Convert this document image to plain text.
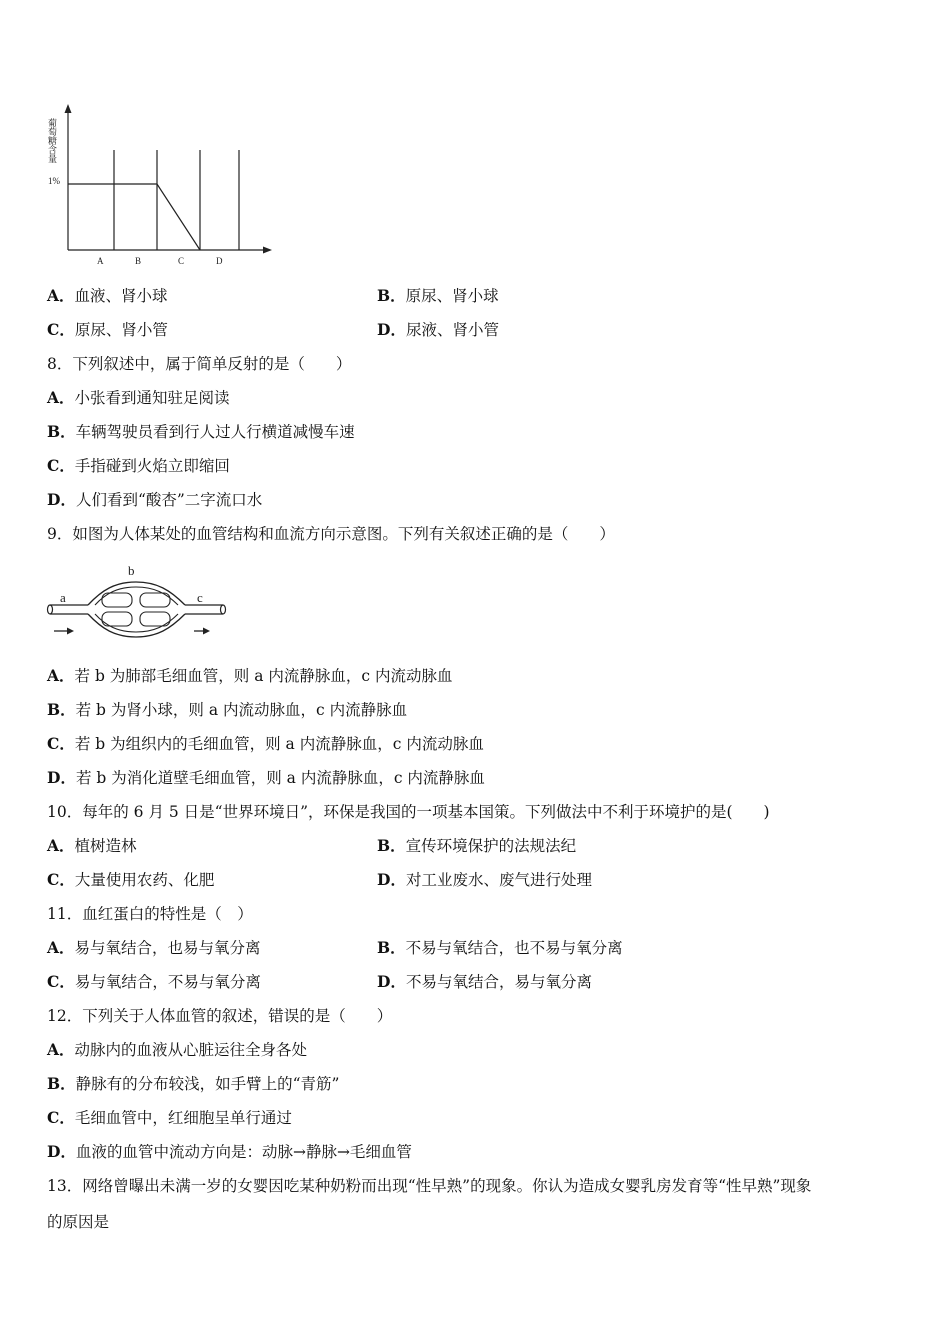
葡萄糖含量
1%
A	B	C	D
A．血液、肾小球	B．原尿、肾小球
C．原尿、肾小管	D．尿液、肾小管
8．下列叙述中，属于简单反射的是（　　）
A．小张看到通知驻足阅读
B．车辆驾驶员看到行人过人行横道减慢车速
C．手指碰到火焰立即缩回
D．人们看到“酸杏”二字流口水
9．如图为人体某处的血管结构和血流方向示意图。下列有关叙述正确的是（　　）
a
b
c
A．若 b 为肺部毛细血管，则 a 内流静脉血，c 内流动脉血
B．若 b 为肾小球，则 a 内流动脉血，c 内流静脉血
C．若 b 为组织内的毛细血管，则 a 内流静脉血，c 内流动脉血
D．若 b 为消化道壁毛细血管，则 a 内流静脉血，c 内流静脉血
10．每年的 6 月 5 日是“世界环境日”，环保是我国的一项基本国策。下列做法中不利于环境护的是(　　)
A．植树造林	B．宣传环境保护的法规法纪
C．大量使用农药、化肥	D．对工业废水、废气进行处理
11．血红蛋白的特性是（　）
A．易与氧结合，也易与氧分离	B．不易与氧结合，也不易与氧分离
C．易与氧结合，不易与氧分离	D．不易与氧结合，易与氧分离
12．下列关于人体血管的叙述，错误的是（　　）
A．动脉内的血液从心脏运往全身各处
B．静脉有的分布较浅，如手臂上的“青筋”
C．毛细血管中，红细胞呈单行通过
D．血液的血管中流动方向是：动脉→静脉→毛细血管
13．网络曾曝出未满一岁的女婴因吃某种奶粉而出现“性早熟”的现象。你认为造成女婴乳房发育等“性早熟”现象
的原因是
